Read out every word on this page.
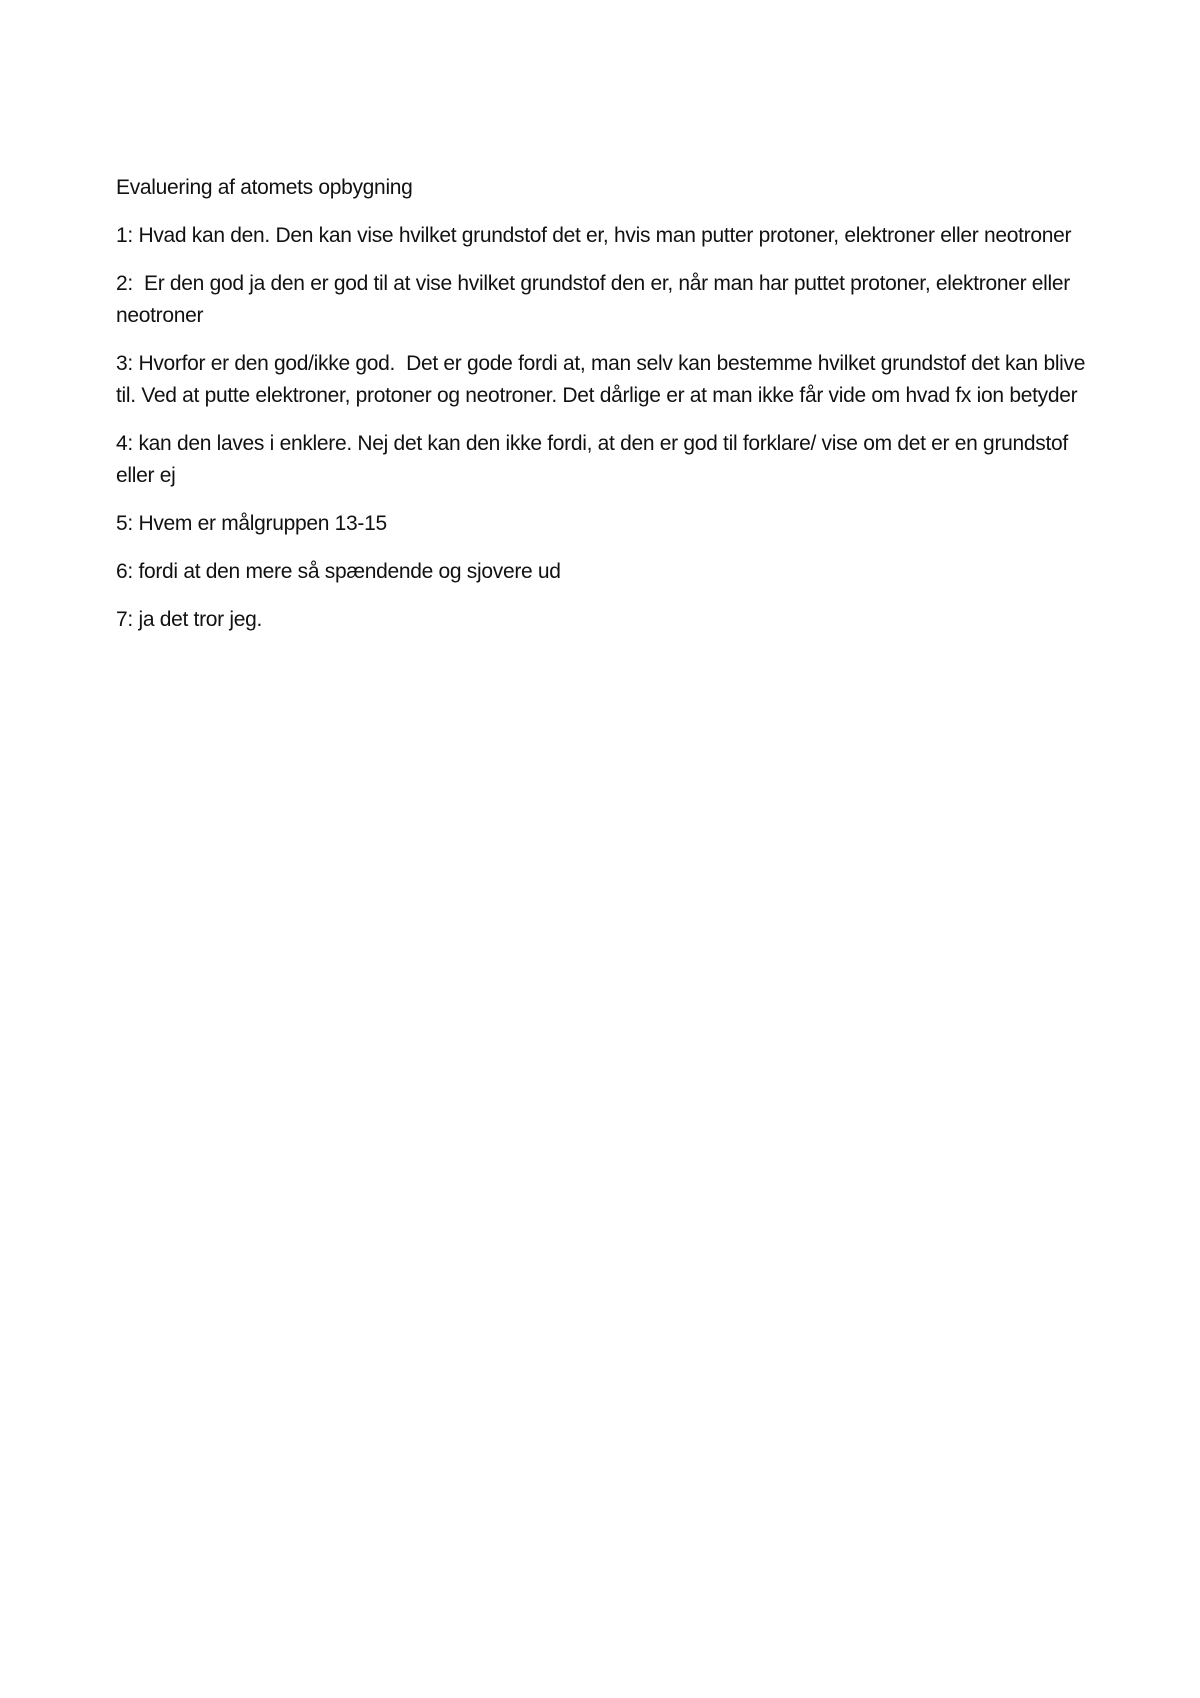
Evaluering af atomets opbygning

1: Hvad kan den. Den kan vise hvilket grundstof det er, hvis man putter protoner, elektroner eller neotroner

2:  Er den god ja den er god til at vise hvilket grundstof den er, når man har puttet protoner, elektroner eller neotroner

3: Hvorfor er den god/ikke god.  Det er gode fordi at, man selv kan bestemme hvilket grundstof det kan blive til. Ved at putte elektroner, protoner og neotroner. Det dårlige er at man ikke får vide om hvad fx ion betyder

4: kan den laves i enklere. Nej det kan den ikke fordi, at den er god til forklare/ vise om det er en grundstof eller ej

5: Hvem er målgruppen 13-15

6: fordi at den mere så spændende og sjovere ud

7: ja det tror jeg.
